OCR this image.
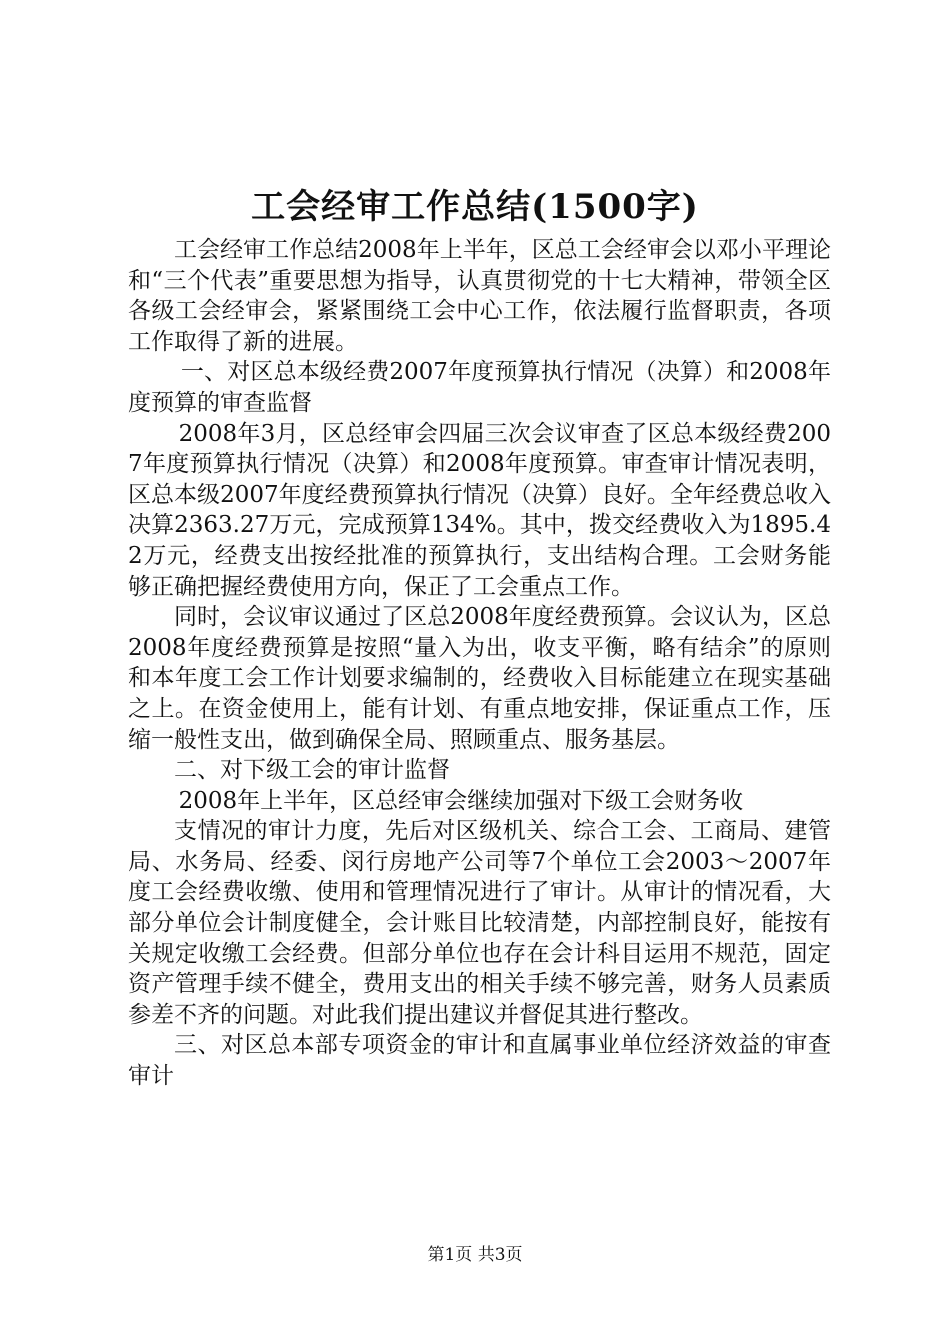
工会经审工作总结(1500字)

工会经审工作总结2008年上半年，区总工会经审会以邓小平理论和“三个代表”重要思想为指导，认真贯彻党的十七大精神，带领全区各级工会经审会，紧紧围绕工会中心工作，依法履行监督职责，各项工作取得了新的进展。

一、对区总本级经费2007年度预算执行情况（决算）和2008年度预算的审查监督

2008年3月，区总经审会四届三次会议审查了区总本级经费2007年度预算执行情况（决算）和2008年度预算。审查审计情况表明，区总本级2007年度经费预算执行情况（决算）良好。全年经费总收入决算2363.27万元，完成预算134%。其中，拨交经费收入为1895.42万元，经费支出按经批准的预算执行，支出结构合理。工会财务能够正确把握经费使用方向，保正了工会重点工作。

同时，会议审议通过了区总2008年度经费预算。会议认为，区总2008年度经费预算是按照“量入为出，收支平衡，略有结余”的原则和本年度工会工作计划要求编制的，经费收入目标能建立在现实基础之上。在资金使用上，能有计划、有重点地安排，保证重点工作，压缩一般性支出，做到确保全局、照顾重点、服务基层。

二、对下级工会的审计监督

2008年上半年，区总经审会继续加强对下级工会财务收

支情况的审计力度，先后对区级机关、综合工会、工商局、建管局、水务局、经委、闵行房地产公司等7个单位工会2003～2007年度工会经费收缴、使用和管理情况进行了审计。从审计的情况看，大部分单位会计制度健全，会计账目比较清楚，内部控制良好，能按有关规定收缴工会经费。但部分单位也存在会计科目运用不规范，固定资产管理手续不健全，费用支出的相关手续不够完善，财务人员素质参差不齐的问题。对此我们提出建议并督促其进行整改。

三、对区总本部专项资金的审计和直属事业单位经济效益的审查审计

第1页 共3页
